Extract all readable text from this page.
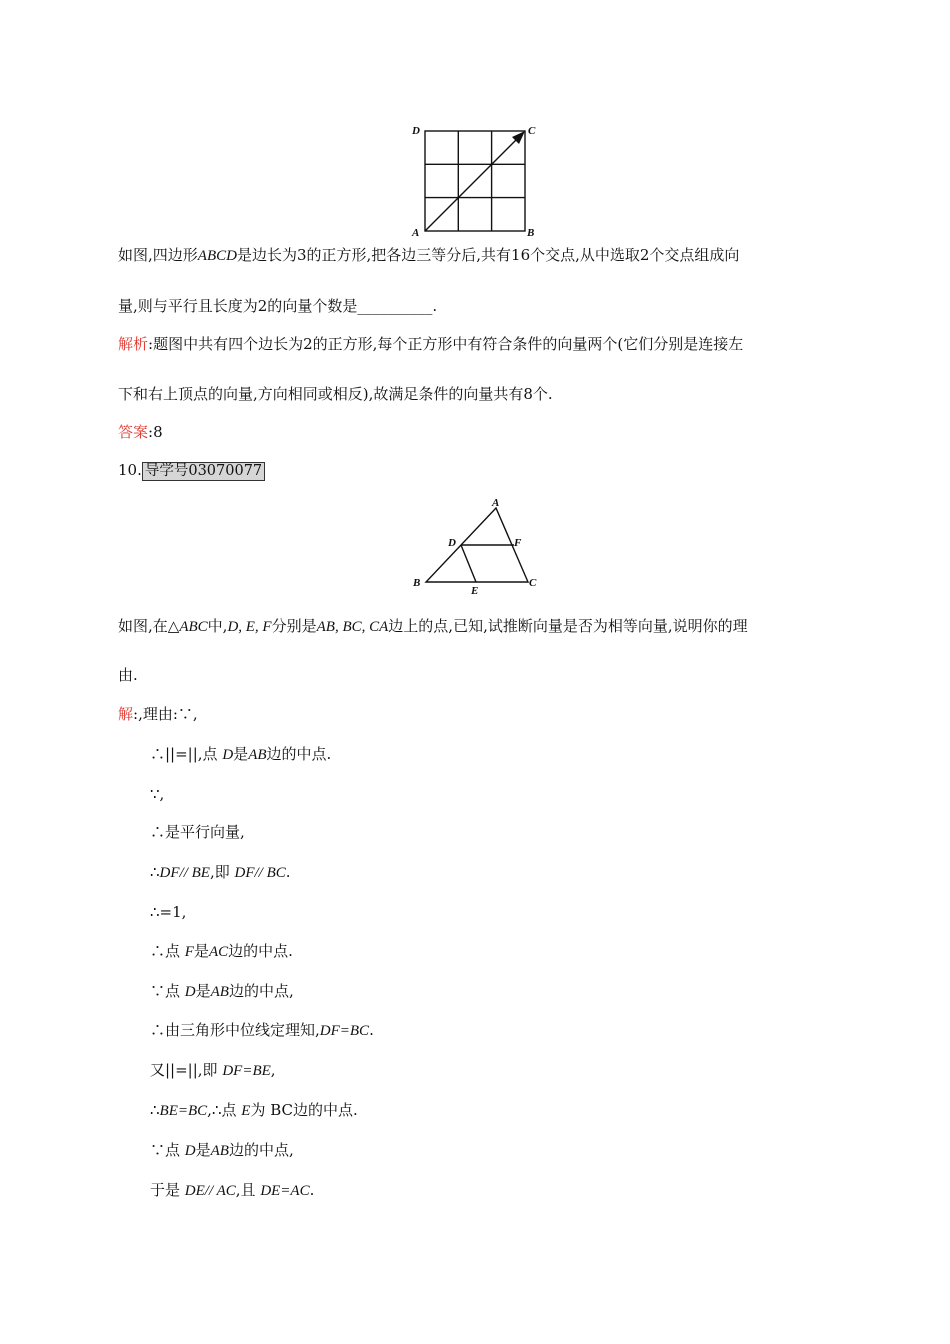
D	C
A	B
如图,四边形ABCD是边长为3的正方形,把各边三等分后,共有16个交点,从中选取2个交点组成向
量,则与平行且长度为2的向量个数是__________.
解析:题图中共有四个边长为2的正方形,每个正方形中有符合条件的向量两个(它们分别是连接左
下和右上顶点的向量,方向相同或相反),故满足条件的向量共有8个.
答案:8
10. 导学号03070077
A
D	F
B
E
C
如图,在△ABC中,D, E, F分别是AB, BC, CA边上的点,已知,试推断向量是否为相等向量,说明你的理
由.
解:,理由:∵,
∴||=||,点 D是AB边的中点.
∵,
∴是平行向量,
∴DF// BE,即 DF// BC.
∴=1,
∴点 F是AC边的中点.
∵点 D是AB边的中点,
∴由三角形中位线定理知,DF=BC.
又||=||,即 DF=BE,
∴BE=BC,∴点 E为 BC边的中点.
∵点 D是AB边的中点,
于是 DE// AC,且 DE=AC.
